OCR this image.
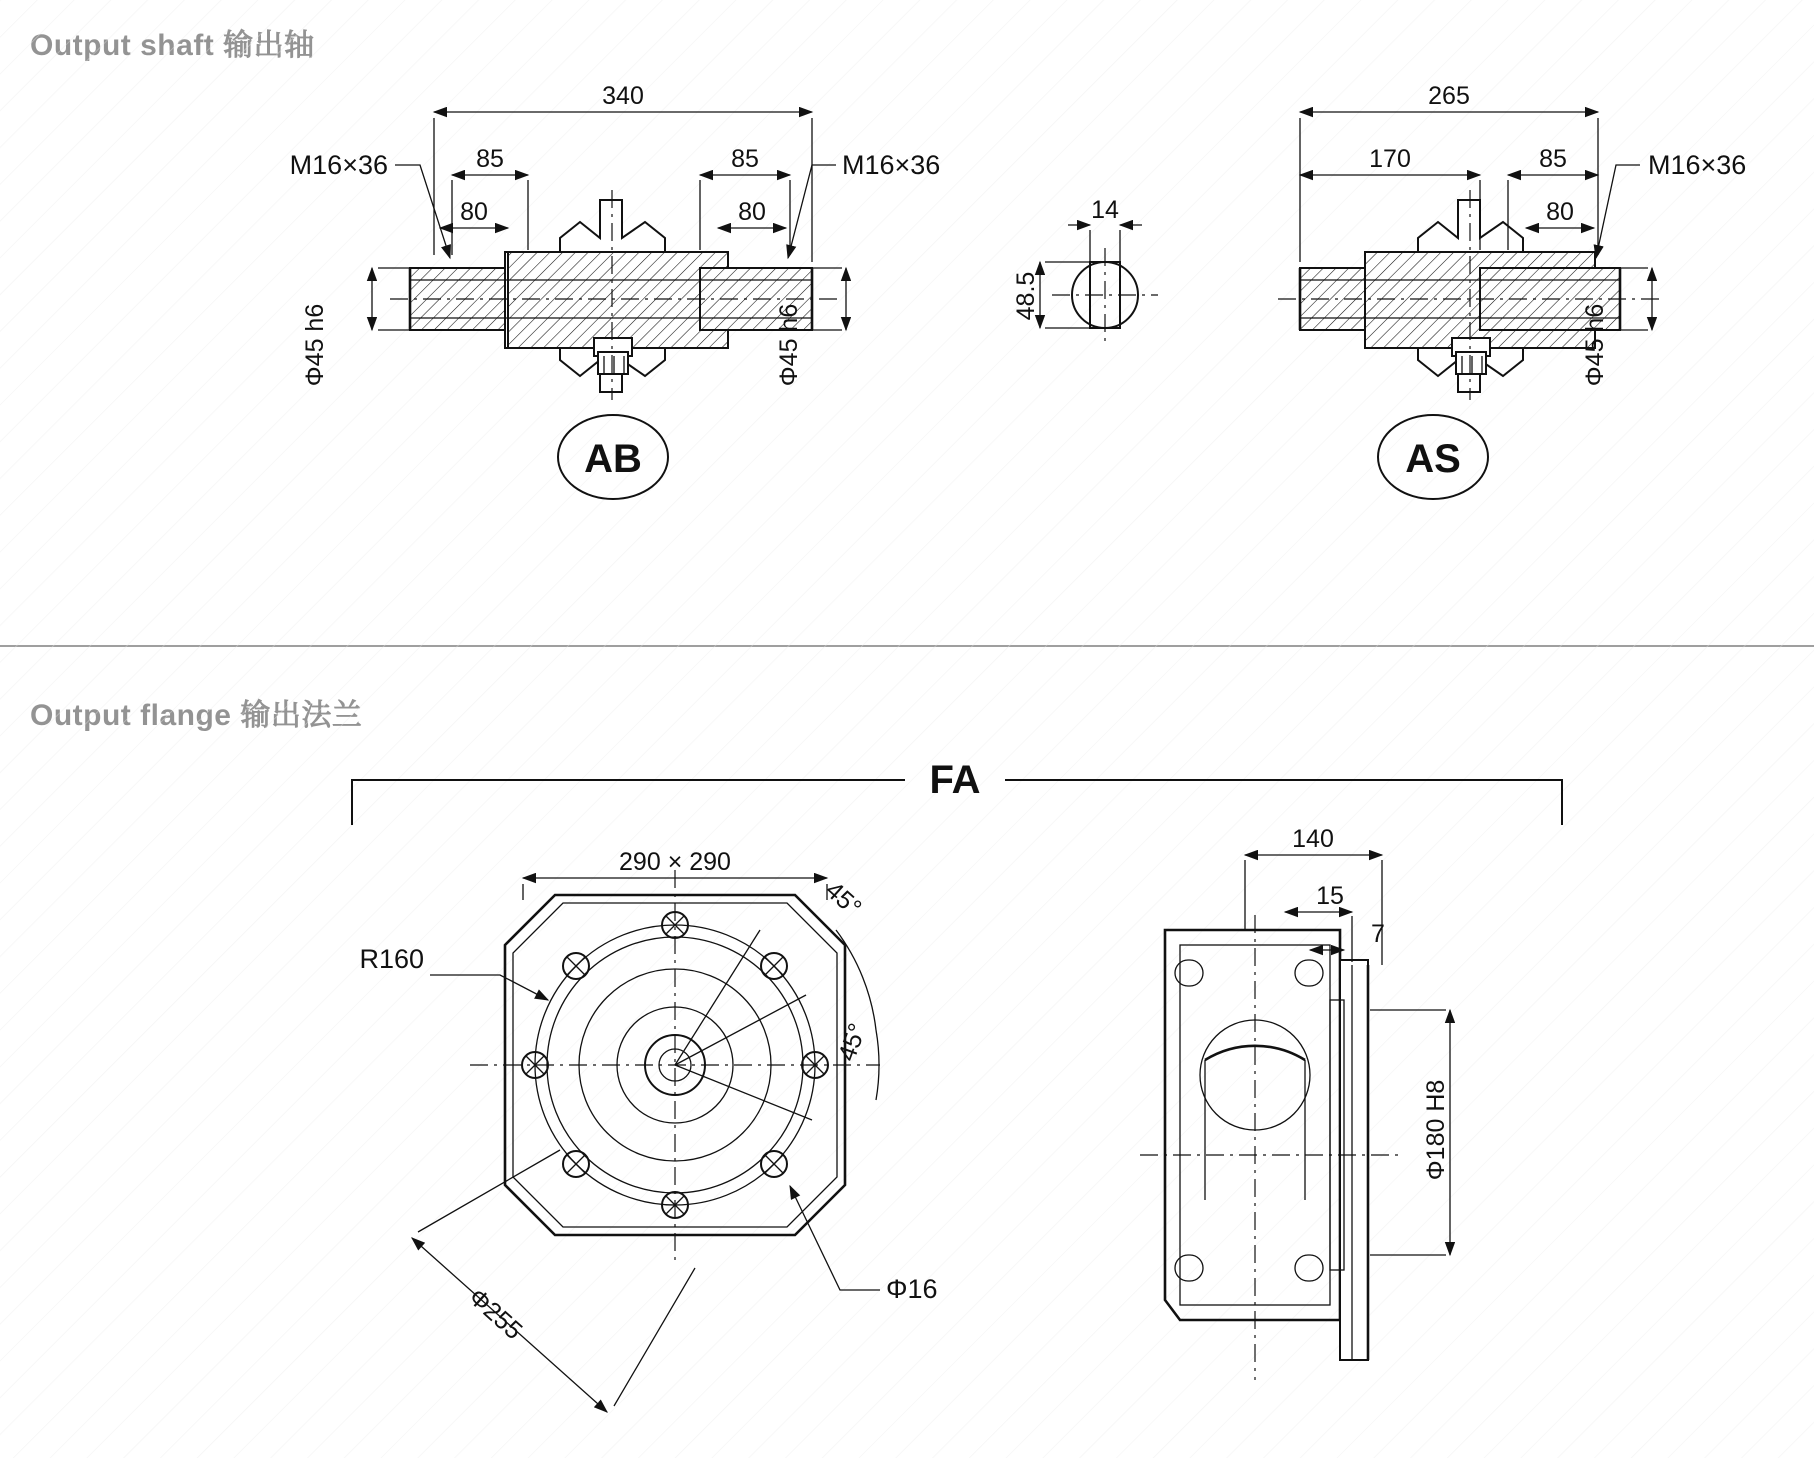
340
85
80
85
80
M16×36	M16×36
Φ45 h6	Φ45 h6
AB
14
48.5
265
170	85
80
M16×36
Φ45 h6
AS
FA
45°
45°
290 × 290
R160
Φ255	Φ16
140
15
7
Φ180 H8
